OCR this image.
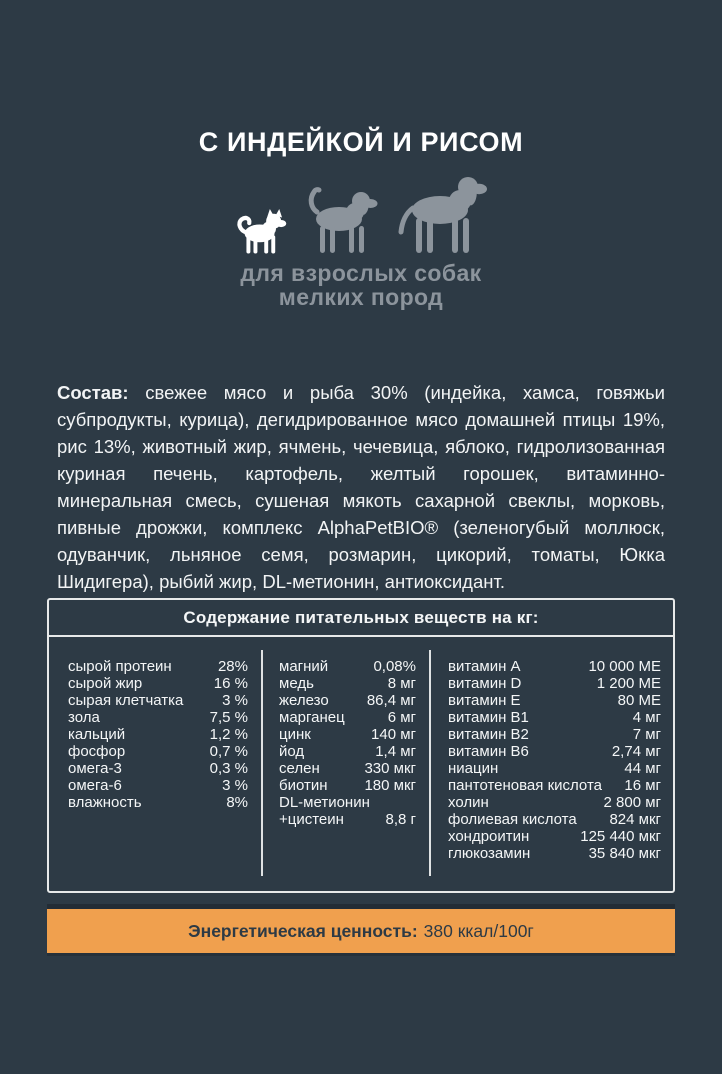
С ИНДЕЙКОЙ И РИСОМ
для взрослых собак
мелких пород

Состав: свежее мясо и рыба 30% (индейка, хамса, говяжьи субпродукты, курица), дегидрированное мясо домашней птицы 19%, рис 13%, животный жир, ячмень, чечевица, яблоко, гидролизованная куриная печень, картофель, желтый горошек, витаминно-минеральная смесь, сушеная мякоть сахарной свеклы, морковь, пивные дрожжи, комплекс AlphaPetBIO® (зеленогубый моллюск, одуванчик, льняное семя, розмарин, цикорий, томаты, Юкка Шидигера), рыбий жир, DL-метионин, антиоксидант.

Содержание питательных веществ на кг:
сырой протеин	28%
сырой жир	16 %
сырая клетчатка	3 %
зола	7,5 %
кальций	1,2 %
фосфор	0,7 %
омега-3	0,3 %
омега-6	3 %
влажность	8%
магний	0,08%
медь	8 мг
железо	86,4 мг
марганец	6 мг
цинк	140 мг
йод	1,4 мг
селен	330 мкг
биотин	180 мкг
DL-метионин
+цистеин	8,8 г
витамин A	10 000 МЕ
витамин D	1 200 МЕ
витамин E	80 МЕ
витамин B1	4 мг
витамин B2	7 мг
витамин B6	2,74 мг
ниацин	44 мг
пантотеновая кислота	16 мг
холин	2 800 мг
фолиевая кислота	824 мкг
хондроитин	125 440 мкг
глюкозамин	35 840 мкг
Энергетическая ценность: 380 ккал/100г
